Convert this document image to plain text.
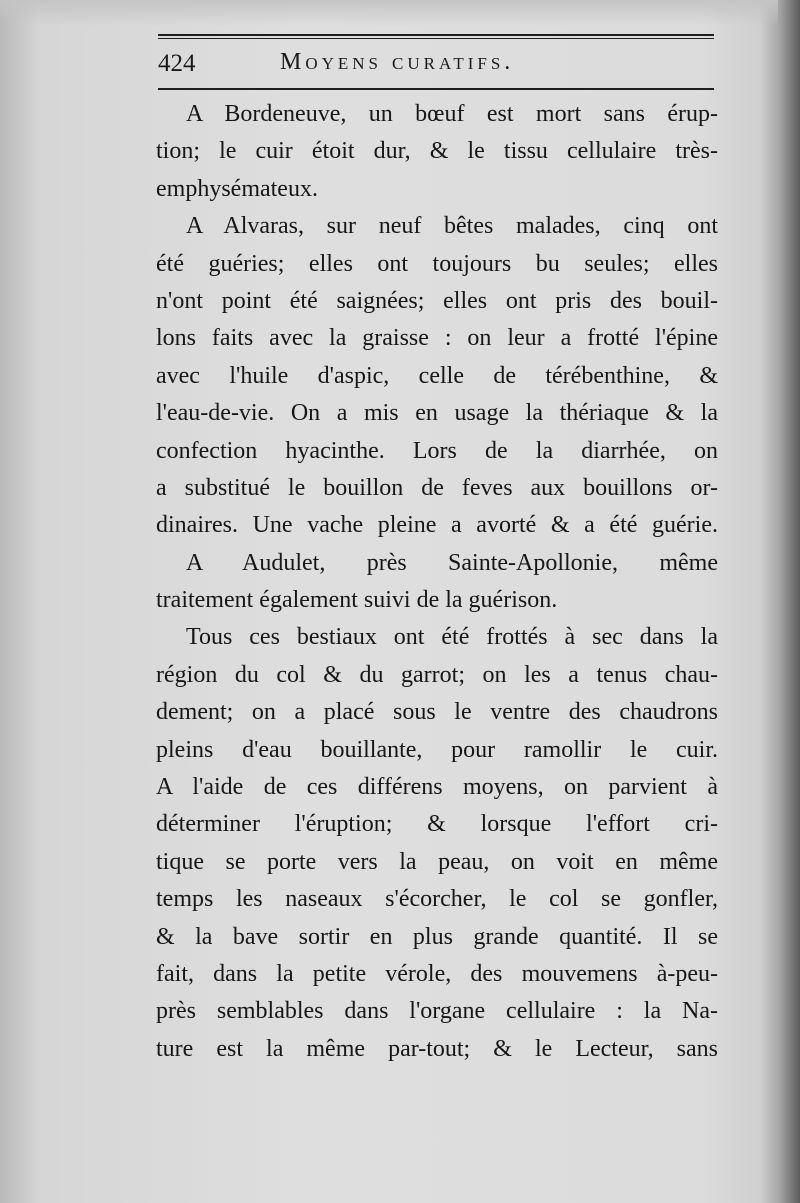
424	Moyens curatifs.
A Bordeneuve, un bœuf est mort sans érup-
tion; le cuir étoit dur, & le tissu cellulaire très-
emphysémateux.
A Alvaras, sur neuf bêtes malades, cinq ont
été guéries; elles ont toujours bu seules; elles
n'ont point été saignées; elles ont pris des bouil-
lons faits avec la graisse : on leur a frotté l'épine
avec l'huile d'aspic, celle de térébenthine, &
l'eau-de-vie. On a mis en usage la thériaque & la
confection hyacinthe. Lors de la diarrhée, on
a substitué le bouillon de feves aux bouillons or-
dinaires. Une vache pleine a avorté & a été guérie.
A Audulet, près Sainte-Apollonie, même
traitement également suivi de la guérison.
Tous ces bestiaux ont été frottés à sec dans la
région du col & du garrot; on les a tenus chau-
dement; on a placé sous le ventre des chaudrons
pleins d'eau bouillante, pour ramollir le cuir.
A l'aide de ces différens moyens, on parvient à
déterminer l'éruption; & lorsque l'effort cri-
tique se porte vers la peau, on voit en même
temps les naseaux s'écorcher, le col se gonfler,
& la bave sortir en plus grande quantité. Il se
fait, dans la petite vérole, des mouvemens à-peu-
près semblables dans l'organe cellulaire : la Na-
ture est la même par-tout; & le Lecteur, sans
